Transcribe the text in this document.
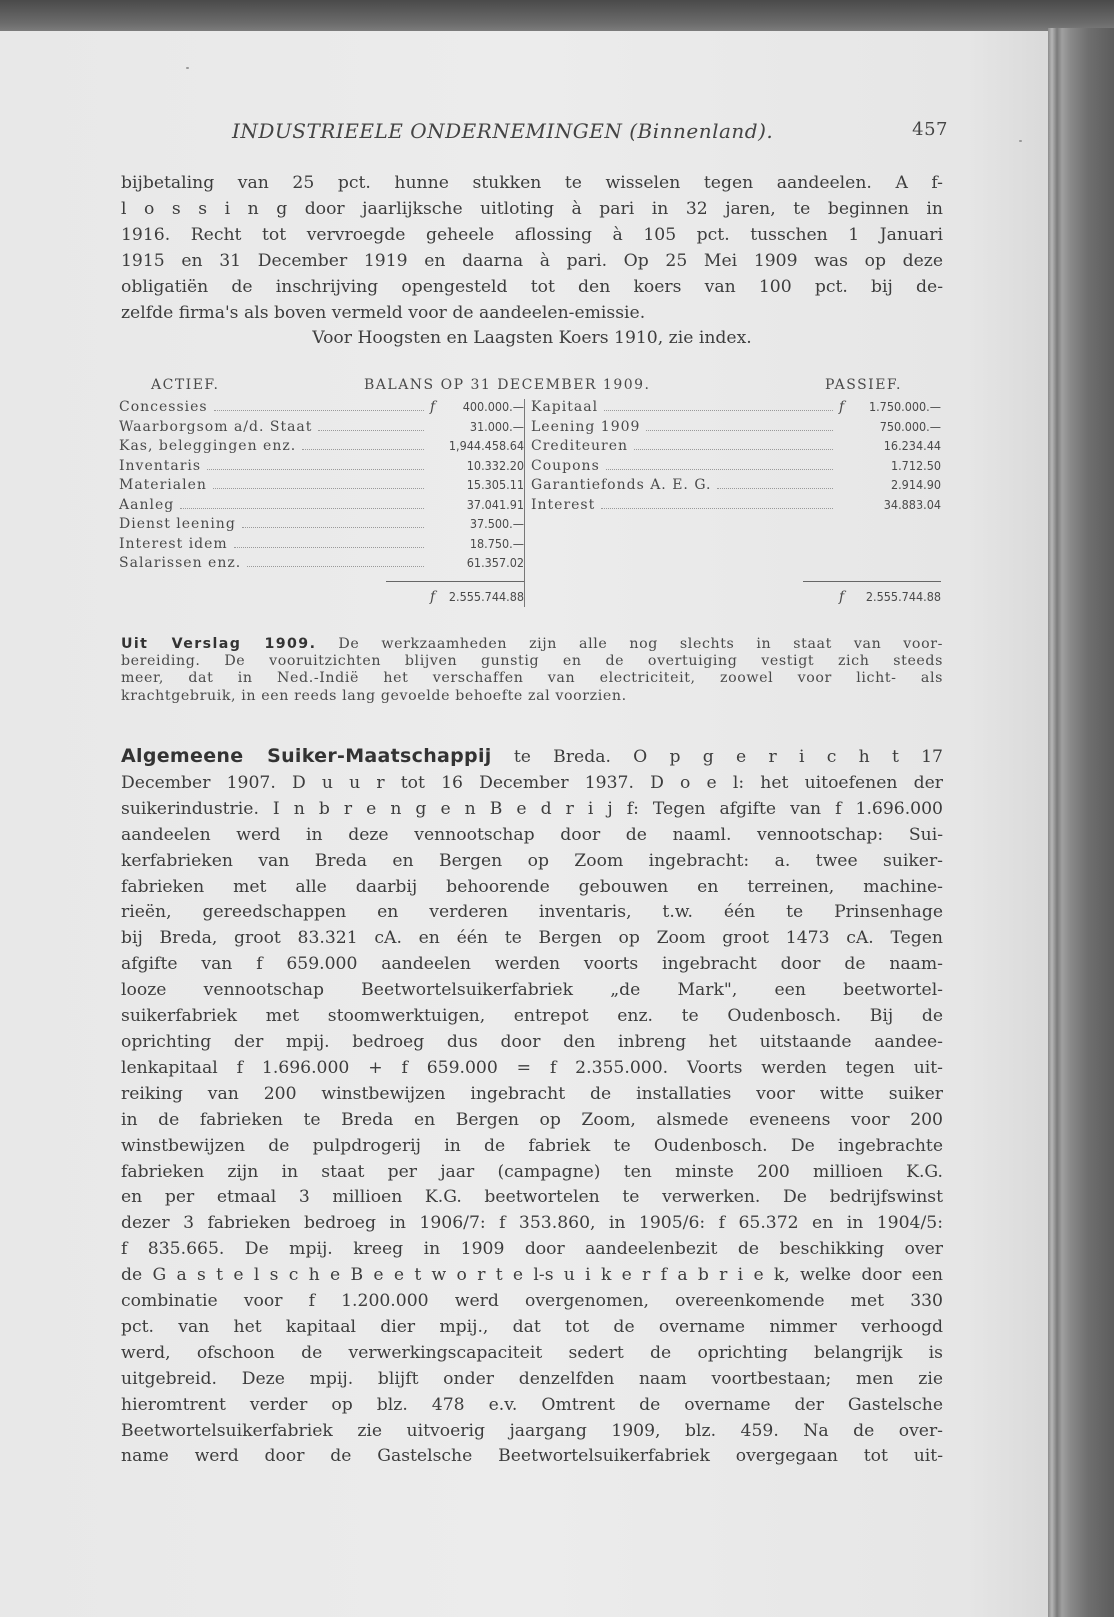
INDUSTRIEELE ONDERNEMINGEN (Binnenland).	457
bijbetaling van 25 pct. hunne stukken te wisselen tegen aandeelen. A f-
l o s s i n g door jaarlijksche uitloting à pari in 32 jaren, te beginnen in
1916. Recht tot vervroegde geheele aflossing à 105 pct. tusschen 1 Januari
1915 en 31 December 1919 en daarna à pari. Op 25 Mei 1909 was op deze
obligatiën de inschrijving opengesteld tot den koers van 100 pct. bij de-
zelfde firma's als boven vermeld voor de aandeelen-emissie.
Voor Hoogsten en Laagsten Koers 1910, zie index.
ACTIEF.	BALANS OP 31 DECEMBER 1909.	PASSIEF.
Concessies	f	400.000.—
Waarborgsom a/d. Staat	31.000.—
Kas, beleggingen enz.	1,944.458.64
Inventaris	10.332.20
Materialen	15.305.11
Aanleg	37.041.91
Dienst leening	37.500.—
Interest idem	18.750.—
Salarissen enz.	61.357.02
f	2.555.744.88
Kapitaal	f	1.750.000.—
Leening 1909	750.000.—
Crediteuren	16.234.44
Coupons	1.712.50
Garantiefonds A. E. G.	2.914.90
Interest	34.883.04
f	2.555.744.88
Uit Verslag 1909. De werkzaamheden zijn alle nog slechts in staat van voor-
bereiding. De vooruitzichten blijven gunstig en de overtuiging vestigt zich steeds
meer, dat in Ned.-Indië het verschaffen van electriciteit, zoowel voor licht- als
krachtgebruik, in een reeds lang gevoelde behoefte zal voorzien.
Algemeene Suiker-Maatschappij te Breda. O p g e r i c h t 17
December 1907. D u u r tot 16 December 1937. D o e l: het uitoefenen der
suikerindustrie. I n b r e n g e n B e d r i j f: Tegen afgifte van f 1.696.000
aandeelen werd in deze vennootschap door de naaml. vennootschap: Sui-
kerfabrieken van Breda en Bergen op Zoom ingebracht: a. twee suiker-
fabrieken met alle daarbij behoorende gebouwen en terreinen, machine-
rieën, gereedschappen en verderen inventaris, t.w. één te Prinsenhage
bij Breda, groot 83.321 cA. en één te Bergen op Zoom groot 1473 cA. Tegen
afgifte van f 659.000 aandeelen werden voorts ingebracht door de naam-
looze vennootschap Beetwortelsuikerfabriek „de Mark", een beetwortel-
suikerfabriek met stoomwerktuigen, entrepot enz. te Oudenbosch. Bij de
oprichting der mpij. bedroeg dus door den inbreng het uitstaande aandee-
lenkapitaal f 1.696.000 + f 659.000 = f 2.355.000. Voorts werden tegen uit-
reiking van 200 winstbewijzen ingebracht de installaties voor witte suiker
in de fabrieken te Breda en Bergen op Zoom, alsmede eveneens voor 200
winstbewijzen de pulpdrogerij in de fabriek te Oudenbosch. De ingebrachte
fabrieken zijn in staat per jaar (campagne) ten minste 200 millioen K.G.
en per etmaal 3 millioen K.G. beetwortelen te verwerken. De bedrijfswinst
dezer 3 fabrieken bedroeg in 1906/7: f 353.860, in 1905/6: f 65.372 en in 1904/5:
f 835.665. De mpij. kreeg in 1909 door aandeelenbezit de beschikking over
de G a s t e l s c h e B e e t w o r t e l-s u i k e r f a b r i e k, welke door een
combinatie voor f 1.200.000 werd overgenomen, overeenkomende met 330
pct. van het kapitaal dier mpij., dat tot de overname nimmer verhoogd
werd, ofschoon de verwerkingscapaciteit sedert de oprichting belangrijk is
uitgebreid. Deze mpij. blijft onder denzelfden naam voortbestaan; men zie
hieromtrent verder op blz. 478 e.v. Omtrent de overname der Gastelsche
Beetwortelsuikerfabriek zie uitvoerig jaargang 1909, blz. 459. Na de over-
name werd door de Gastelsche Beetwortelsuikerfabriek overgegaan tot uit-
